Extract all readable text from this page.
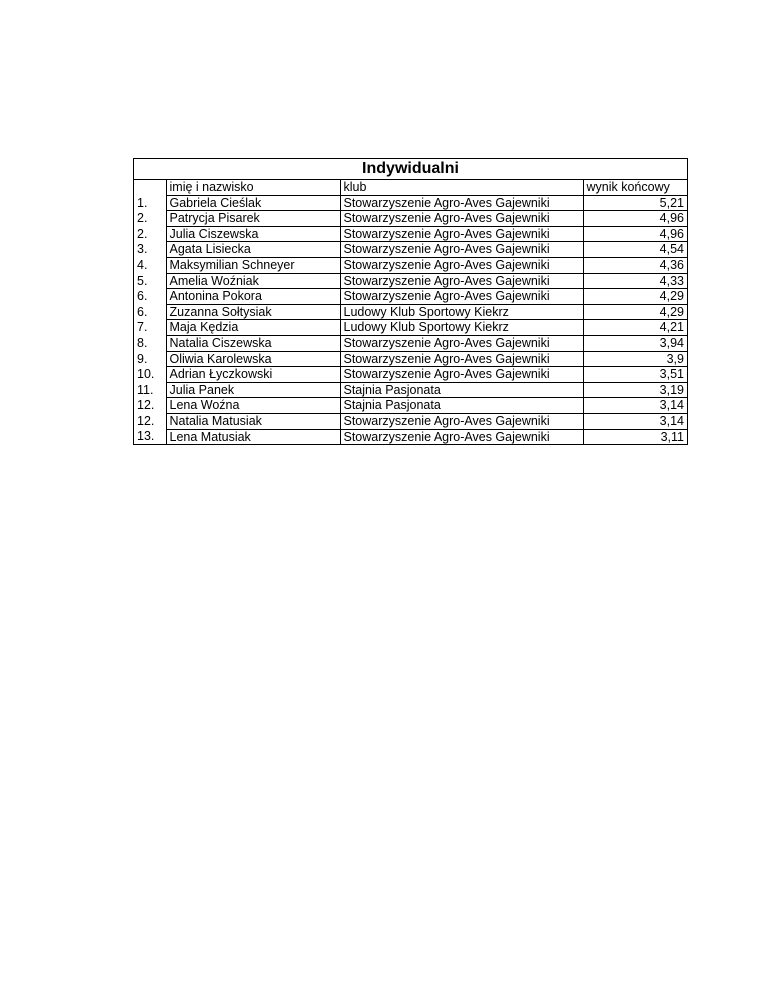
Indywidualni
	imię i nazwisko	klub	wynik końcowy
1.	Gabriela Cieślak	Stowarzyszenie Agro-Aves Gajewniki	5,21
2.	Patrycja Pisarek	Stowarzyszenie Agro-Aves Gajewniki	4,96
2.	Julia Ciszewska	Stowarzyszenie Agro-Aves Gajewniki	4,96
3.	Agata Lisiecka	Stowarzyszenie Agro-Aves Gajewniki	4,54
4.	Maksymilian Schneyer	Stowarzyszenie Agro-Aves Gajewniki	4,36
5.	Amelia Woźniak	Stowarzyszenie Agro-Aves Gajewniki	4,33
6.	Antonina Pokora	Stowarzyszenie Agro-Aves Gajewniki	4,29
6.	Zuzanna Sołtysiak	Ludowy Klub Sportowy Kiekrz	4,29
7.	Maja Kędzia	Ludowy Klub Sportowy Kiekrz	4,21
8.	Natalia Ciszewska	Stowarzyszenie Agro-Aves Gajewniki	3,94
9.	Oliwia Karolewska	Stowarzyszenie Agro-Aves Gajewniki	3,9
10.	Adrian Łyczkowski	Stowarzyszenie Agro-Aves Gajewniki	3,51
11.	Julia Panek	Stajnia Pasjonata	3,19
12.	Lena Woźna	Stajnia Pasjonata	3,14
12.	Natalia Matusiak	Stowarzyszenie Agro-Aves Gajewniki	3,14
13.	Lena Matusiak	Stowarzyszenie Agro-Aves Gajewniki	3,11
